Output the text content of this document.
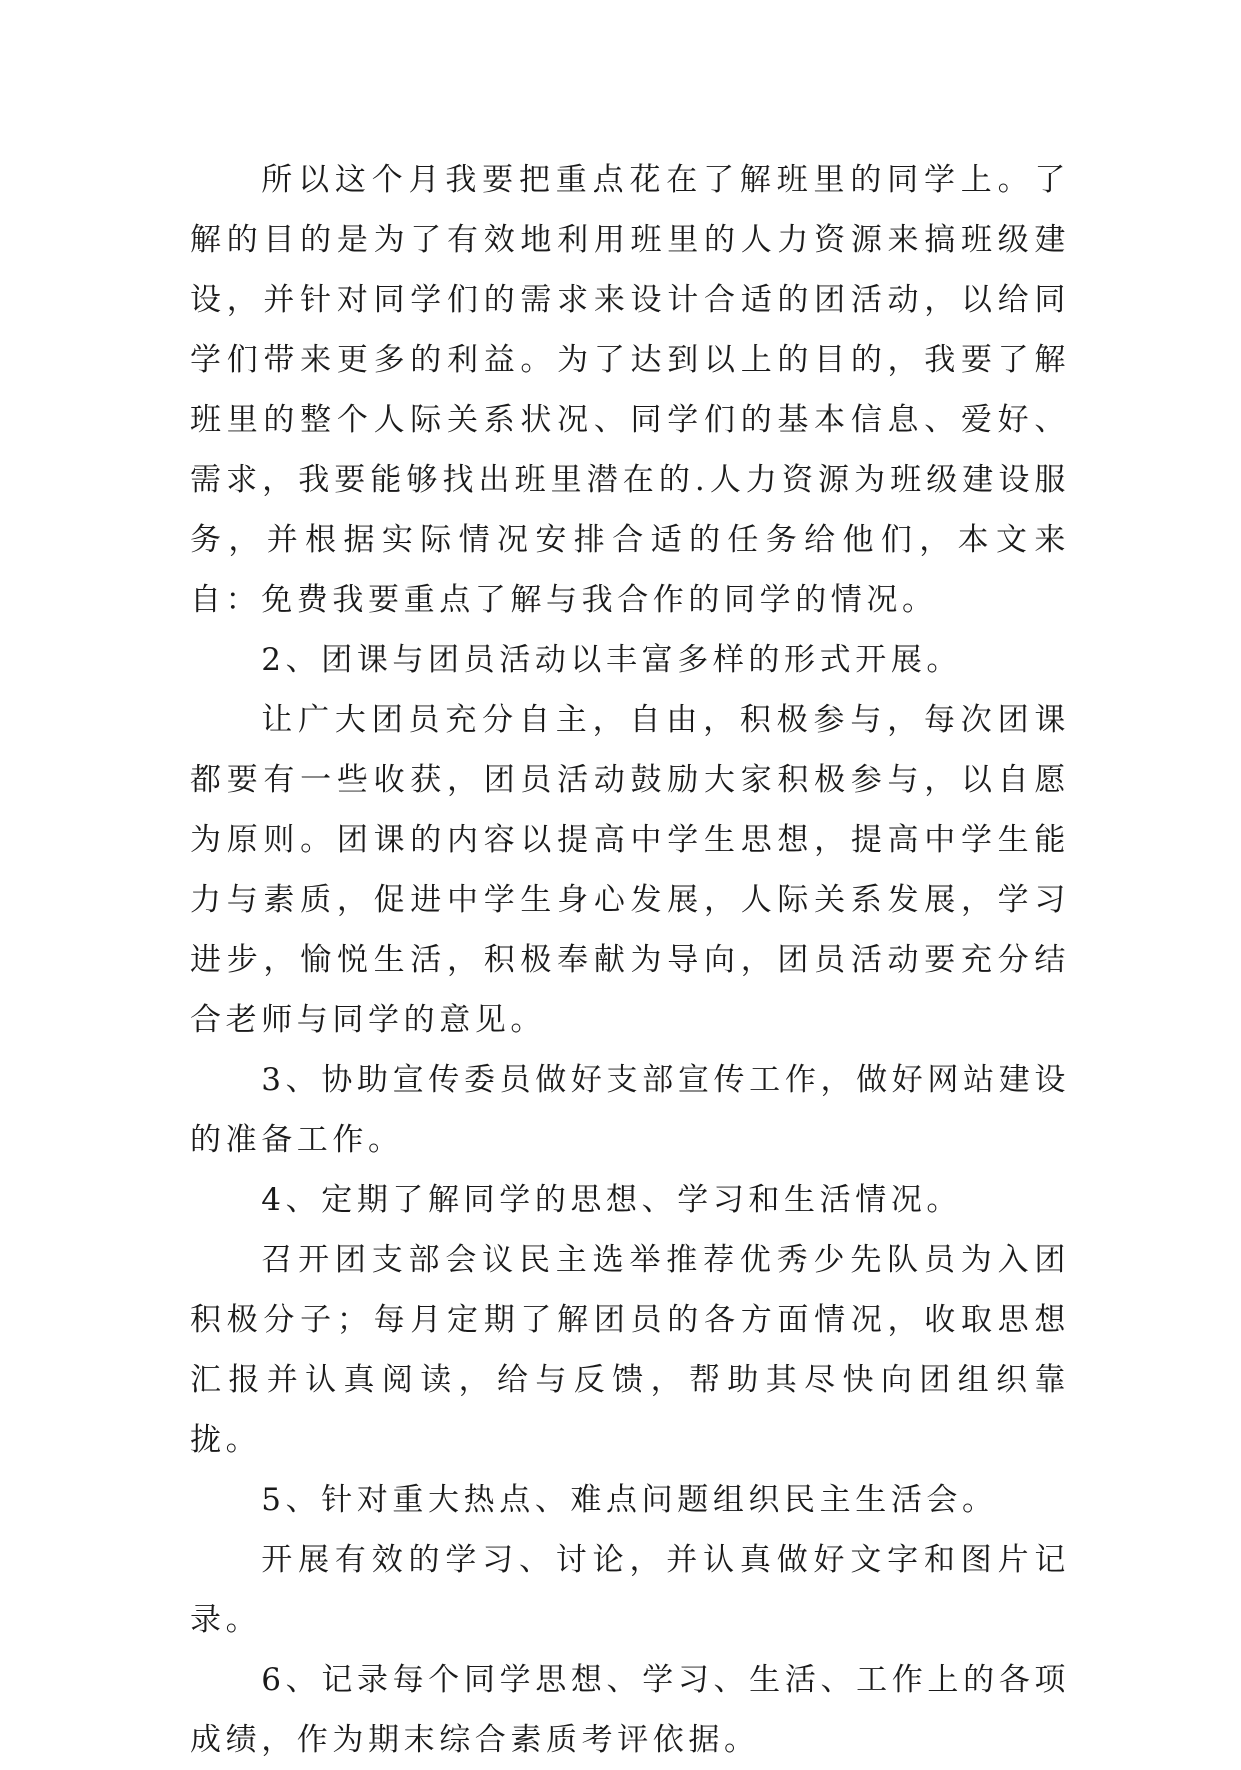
所以这个月我要把重点花在了解班里的同学上。了解的目的是为了有效地利用班里的人力资源来搞班级建设，并针对同学们的需求来设计合适的团活动，以给同学们带来更多的利益。为了达到以上的目的，我要了解班里的整个人际关系状况、同学们的基本信息、爱好、需求，我要能够找出班里潜在的.人力资源为班级建设服务，并根据实际情况安排合适的任务给他们，本文来自：免费我要重点了解与我合作的同学的情况。

2、团课与团员活动以丰富多样的形式开展。

让广大团员充分自主，自由，积极参与，每次团课都要有一些收获，团员活动鼓励大家积极参与，以自愿为原则。团课的内容以提高中学生思想，提高中学生能力与素质，促进中学生身心发展，人际关系发展，学习进步，愉悦生活，积极奉献为导向，团员活动要充分结合老师与同学的意见。

3、协助宣传委员做好支部宣传工作，做好网站建设的准备工作。

4、定期了解同学的思想、学习和生活情况。

召开团支部会议民主选举推荐优秀少先队员为入团积极分子；每月定期了解团员的各方面情况，收取思想汇报并认真阅读，给与反馈，帮助其尽快向团组织靠拢。

5、针对重大热点、难点问题组织民主生活会。

开展有效的学习、讨论，并认真做好文字和图片记录。

6、记录每个同学思想、学习、生活、工作上的各项成绩，作为期末综合素质考评依据。
